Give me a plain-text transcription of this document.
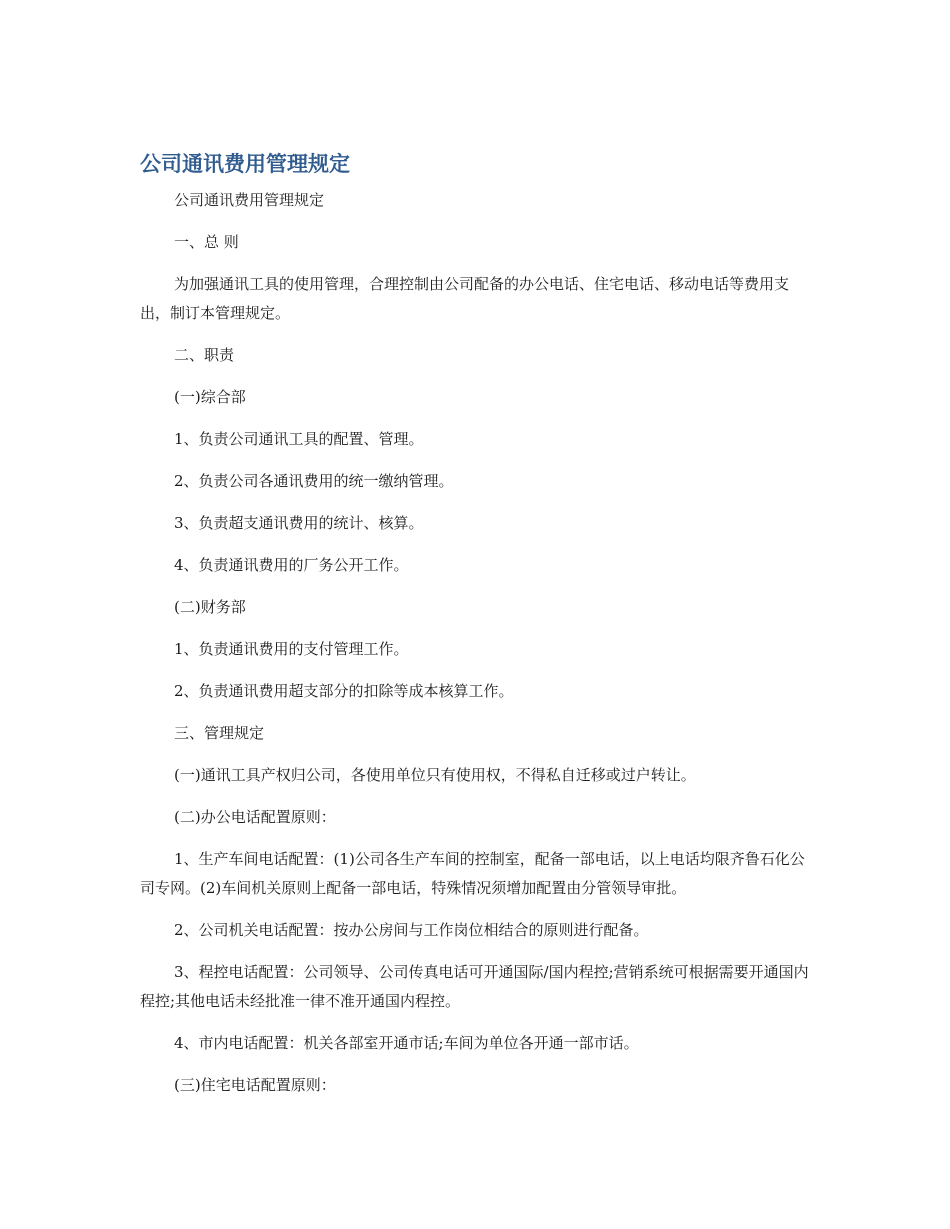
公司通讯费用管理规定

公司通讯费用管理规定

一、总 则

为加强通讯工具的使用管理，合理控制由公司配备的办公电话、住宅电话、移动电话等费用支出，制订本管理规定。

二、职责

(一)综合部

1、负责公司通讯工具的配置、管理。

2、负责公司各通讯费用的统一缴纳管理。

3、负责超支通讯费用的统计、核算。

4、负责通讯费用的厂务公开工作。

(二)财务部

1、负责通讯费用的支付管理工作。

2、负责通讯费用超支部分的扣除等成本核算工作。

三、管理规定

(一)通讯工具产权归公司，各使用单位只有使用权，不得私自迁移或过户转让。

(二)办公电话配置原则：

1、生产车间电话配置：(1)公司各生产车间的控制室，配备一部电话，以上电话均限齐鲁石化公司专网。(2)车间机关原则上配备一部电话，特殊情况须增加配置由分管领导审批。

2、公司机关电话配置：按办公房间与工作岗位相结合的原则进行配备。

3、程控电话配置：公司领导、公司传真电话可开通国际/国内程控;营销系统可根据需要开通国内程控;其他电话未经批准一律不准开通国内程控。

4、市内电话配置：机关各部室开通市话;车间为单位各开通一部市话。

(三)住宅电话配置原则：
